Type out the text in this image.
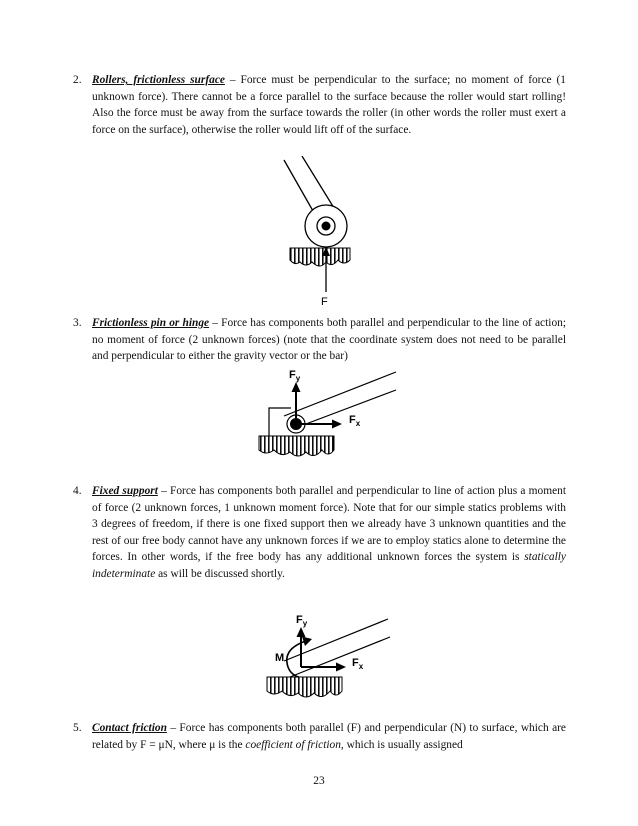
2. Rollers, frictionless surface – Force must be perpendicular to the surface; no moment of force (1 unknown force). There cannot be a force parallel to the surface because the roller would start rolling! Also the force must be away from the surface towards the roller (in other words the roller must exert a force on the surface), otherwise the roller would lift off of the surface.
F
3. Frictionless pin or hinge – Force has components both parallel and perpendicular to the line of action; no moment of force (2 unknown forces) (note that the coordinate system does not need to be parallel and perpendicular to either the gravity vector or the bar)
$F_y$
$F_x$
4. Fixed support – Force has components both parallel and perpendicular to line of action plus a moment of force (2 unknown forces, 1 unknown moment force). Note that for our simple statics problems with 3 degrees of freedom, if there is one fixed support then we already have 3 unknown quantities and the rest of our free body cannot have any unknown forces if we are to employ statics alone to determine the forces. In other words, if the free body has any additional unknown forces the system is statically indeterminate as will be discussed shortly.
M
$F_y$
$F_x$
5. Contact friction – Force has components both parallel (F) and perpendicular (N) to surface, which are related by F = μN, where μ is the coefficient of friction, which is usually assigned
23
